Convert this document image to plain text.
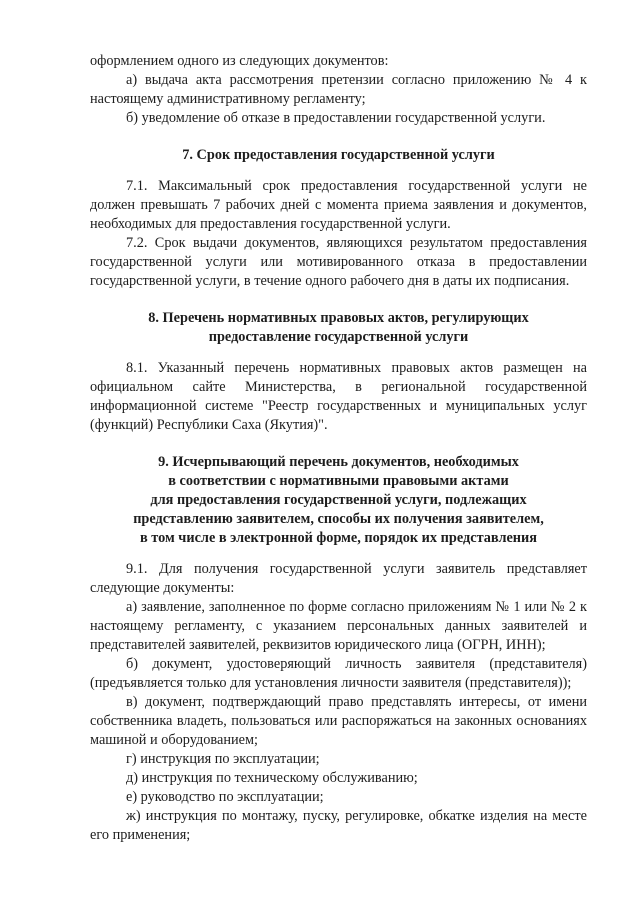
оформлением одного из следующих документов:

а) выдача акта рассмотрения претензии согласно приложению № 4 к настоящему административному регламенту;

б) уведомление об отказе в предоставлении государственной услуги.

7. Срок предоставления государственной услуги

7.1. Максимальный срок предоставления государственной услуги не должен превышать 7 рабочих дней с момента приема заявления и документов, необходимых для предоставления государственной услуги.

7.2. Срок выдачи документов, являющихся результатом предоставления государственной услуги или мотивированного отказа в предоставлении государственной услуги, в течение одного рабочего дня в даты их подписания.

8. Перечень нормативных правовых актов, регулирующих
предоставление государственной услуги

8.1. Указанный перечень нормативных правовых актов размещен на официальном сайте Министерства, в региональной государственной информационной системе "Реестр государственных и муниципальных услуг (функций) Республики Саха (Якутия)".

9. Исчерпывающий перечень документов, необходимых
в соответствии с нормативными правовыми актами
для предоставления государственной услуги, подлежащих
представлению заявителем, способы их получения заявителем,
в том числе в электронной форме, порядок их представления

9.1. Для получения государственной услуги заявитель представляет следующие документы:

а) заявление, заполненное по форме согласно приложениям № 1 или № 2 к настоящему регламенту, с указанием персональных данных заявителей и представителей заявителей, реквизитов юридического лица (ОГРН, ИНН);

б) документ, удостоверяющий личность заявителя (представителя) (предъявляется только для установления личности заявителя (представителя));

в) документ, подтверждающий право представлять интересы, от имени собственника владеть, пользоваться или распоряжаться на законных основаниях машиной и оборудованием;

г) инструкция по эксплуатации;

д) инструкция по техническому обслуживанию;

е) руководство по эксплуатации;

ж) инструкция по монтажу, пуску, регулировке, обкатке изделия на месте его применения;
